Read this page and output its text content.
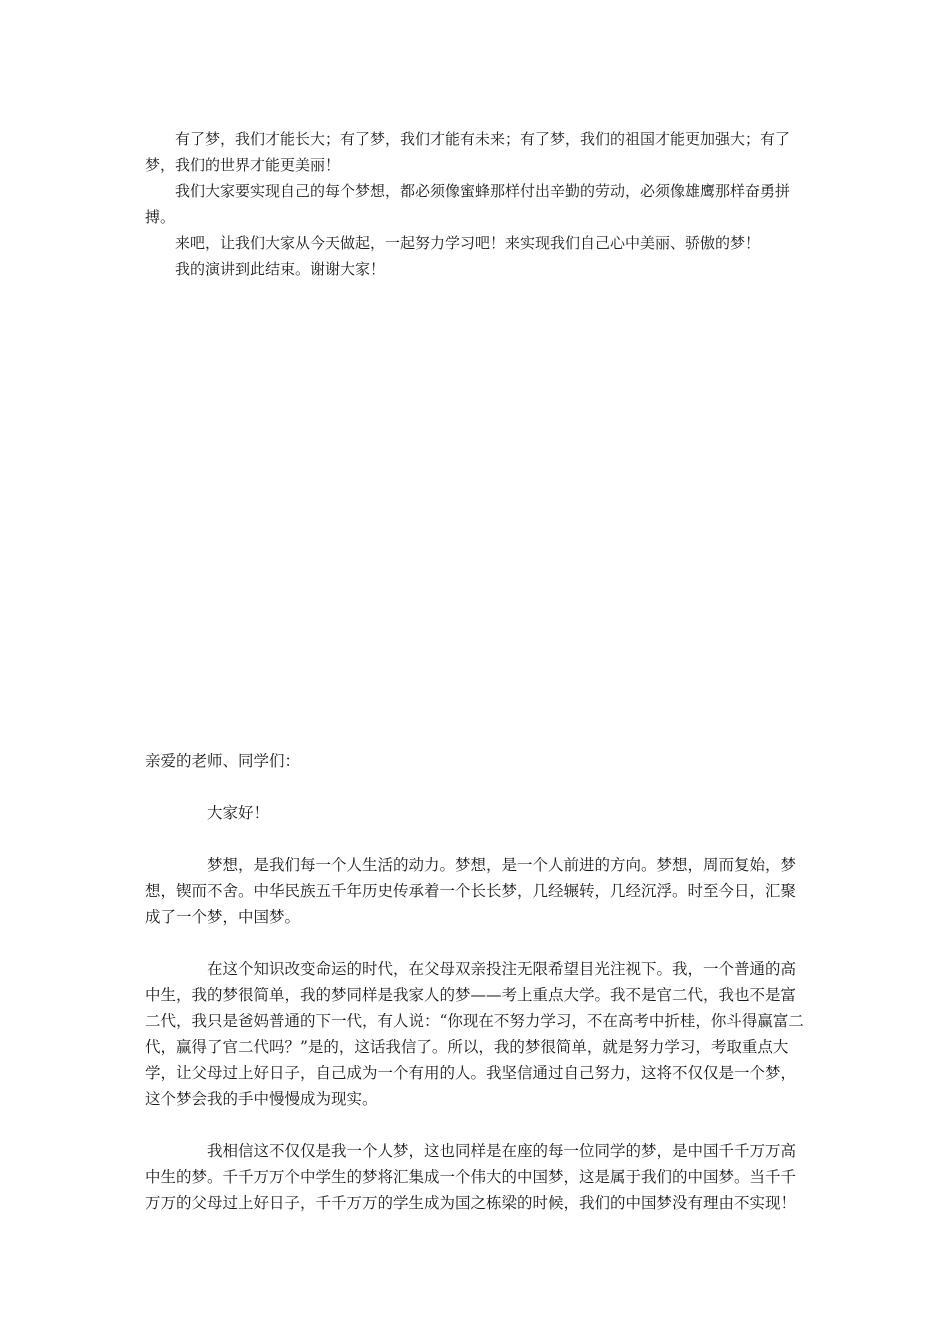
有了梦，我们才能长大；有了梦，我们才能有未来；有了梦，我们的祖国才能更加强大；有了梦，我们的世界才能更美丽！

我们大家要实现自己的每个梦想，都必须像蜜蜂那样付出辛勤的劳动，必须像雄鹰那样奋勇拼搏。

来吧，让我们大家从今天做起，一起努力学习吧！来实现我们自己心中美丽、骄傲的梦！

我的演讲到此结束。谢谢大家！

亲爱的老师、同学们：

大家好！

梦想，是我们每一个人生活的动力。梦想，是一个人前进的方向。梦想，周而复始，梦想，锲而不舍。中华民族五千年历史传承着一个长长梦，几经辗转，几经沉浮。时至今日，汇聚成了一个梦，中国梦。

在这个知识改变命运的时代，在父母双亲投注无限希望目光注视下。我，一个普通的高中生，我的梦很简单，我的梦同样是我家人的梦——考上重点大学。我不是官二代，我也不是富二代，我只是爸妈普通的下一代，有人说：“你现在不努力学习，不在高考中折桂，你斗得赢富二代，赢得了官二代吗？”是的，这话我信了。所以，我的梦很简单，就是努力学习，考取重点大学，让父母过上好日子，自己成为一个有用的人。我坚信通过自己努力，这将不仅仅是一个梦，这个梦会我的手中慢慢成为现实。

我相信这不仅仅是我一个人梦，这也同样是在座的每一位同学的梦，是中国千千万万高中生的梦。千千万万个中学生的梦将汇集成一个伟大的中国梦，这是属于我们的中国梦。当千千万万的父母过上好日子，千千万万的学生成为国之栋梁的时候，我们的中国梦没有理由不实现！
